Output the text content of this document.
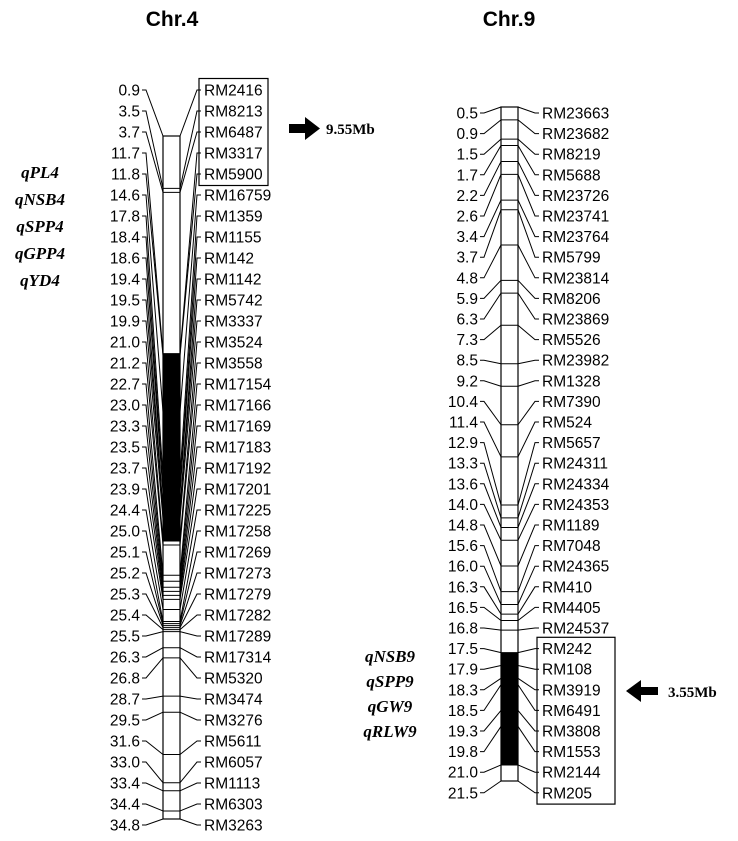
Chr.4
0.9
3.5
3.7
11.7
11.8
14.6
17.8
18.4
18.6
19.4
19.5
19.9
21.0
21.2
22.7
23.0
23.3
23.5
23.7
23.9
24.4
25.0
25.1
25.2
25.3
25.4
25.5
26.3
26.8
28.7
29.5
31.6
33.0
33.4
34.4
34.8
RM2416
RM8213
RM6487
RM3317
RM5900
RM16759
RM1359
RM1155
RM142
RM1142
RM5742
RM3337
RM3524
RM3558
RM17154
RM17166
RM17169
RM17183
RM17192
RM17201
RM17225
RM17258
RM17269
RM17273
RM17279
RM17282
RM17289
RM17314
RM5320
RM3474
RM3276
RM5611
RM6057
RM1113
RM6303
RM3263
qPL4
qNSB4
qSPP4
qGPP4
qYD4
9.55Mb
Chr.9
0.5
0.9
1.5
1.7
2.2
2.6
3.4
3.7
4.8
5.9
6.3
7.3
8.5
9.2
10.4
11.4
12.9
13.3
13.6
14.0
14.8
15.6
16.0
16.3
16.5
16.8
17.5
17.9
18.3
18.5
19.3
19.8
21.0
21.5
RM23663
RM23682
RM8219
RM5688
RM23726
RM23741
RM23764
RM5799
RM23814
RM8206
RM23869
RM5526
RM23982
RM1328
RM7390
RM524
RM5657
RM24311
RM24334
RM24353
RM1189
RM7048
RM24365
RM410
RM4405
RM24537
RM242
RM108
RM3919
RM6491
RM3808
RM1553
RM2144
RM205
qNSB9
qSPP9
qGW9
qRLW9
3.55Mb
